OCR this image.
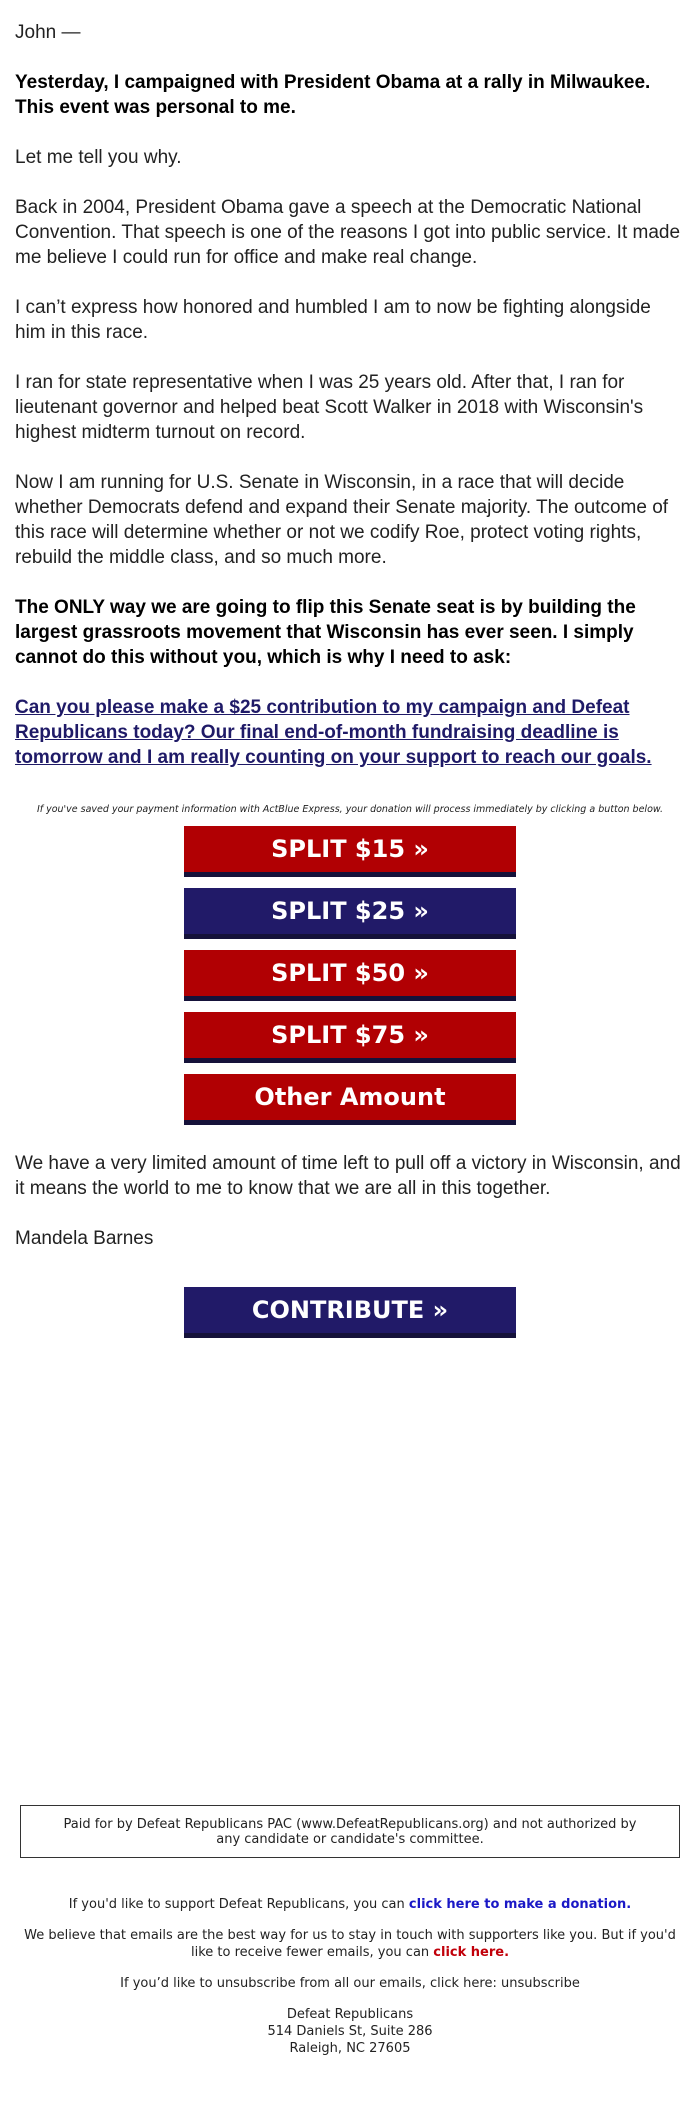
John —

Yesterday, I campaigned with President Obama at a rally in Milwaukee. This event was personal to me.

Let me tell you why.

Back in 2004, President Obama gave a speech at the Democratic National Convention. That speech is one of the reasons I got into public service. It made me believe I could run for office and make real change.

I can’t express how honored and humbled I am to now be fighting alongside him in this race.

I ran for state representative when I was 25 years old. After that, I ran for lieutenant governor and helped beat Scott Walker in 2018 with Wisconsin's highest midterm turnout on record.

Now I am running for U.S. Senate in Wisconsin, in a race that will decide whether Democrats defend and expand their Senate majority. The outcome of this race will determine whether or not we codify Roe, protect voting rights, rebuild the middle class, and so much more.

The ONLY way we are going to flip this Senate seat is by building the largest grassroots movement that Wisconsin has ever seen. I simply cannot do this without you, which is why I need to ask:

Can you please make a $25 contribution to my campaign and Defeat Republicans today? Our final end-of-month fundraising deadline is tomorrow and I am really counting on your support to reach our goals.

If you've saved your payment information with ActBlue Express, your donation will process immediately by clicking a button below.

SPLIT $15 »
SPLIT $25 »
SPLIT $50 »
SPLIT $75 »
Other Amount

We have a very limited amount of time left to pull off a victory in Wisconsin, and it means the world to me to know that we are all in this together.

Mandela Barnes

CONTRIBUTE »
Paid for by Defeat Republicans PAC (www.DefeatRepublicans.org) and not authorized by any candidate or candidate's committee.

If you'd like to support Defeat Republicans, you can click here to make a donation.

We believe that emails are the best way for us to stay in touch with supporters like you. But if you'd like to receive fewer emails, you can click here.

If you’d like to unsubscribe from all our emails, click here: unsubscribe

Defeat Republicans
514 Daniels St, Suite 286
Raleigh, NC 27605
